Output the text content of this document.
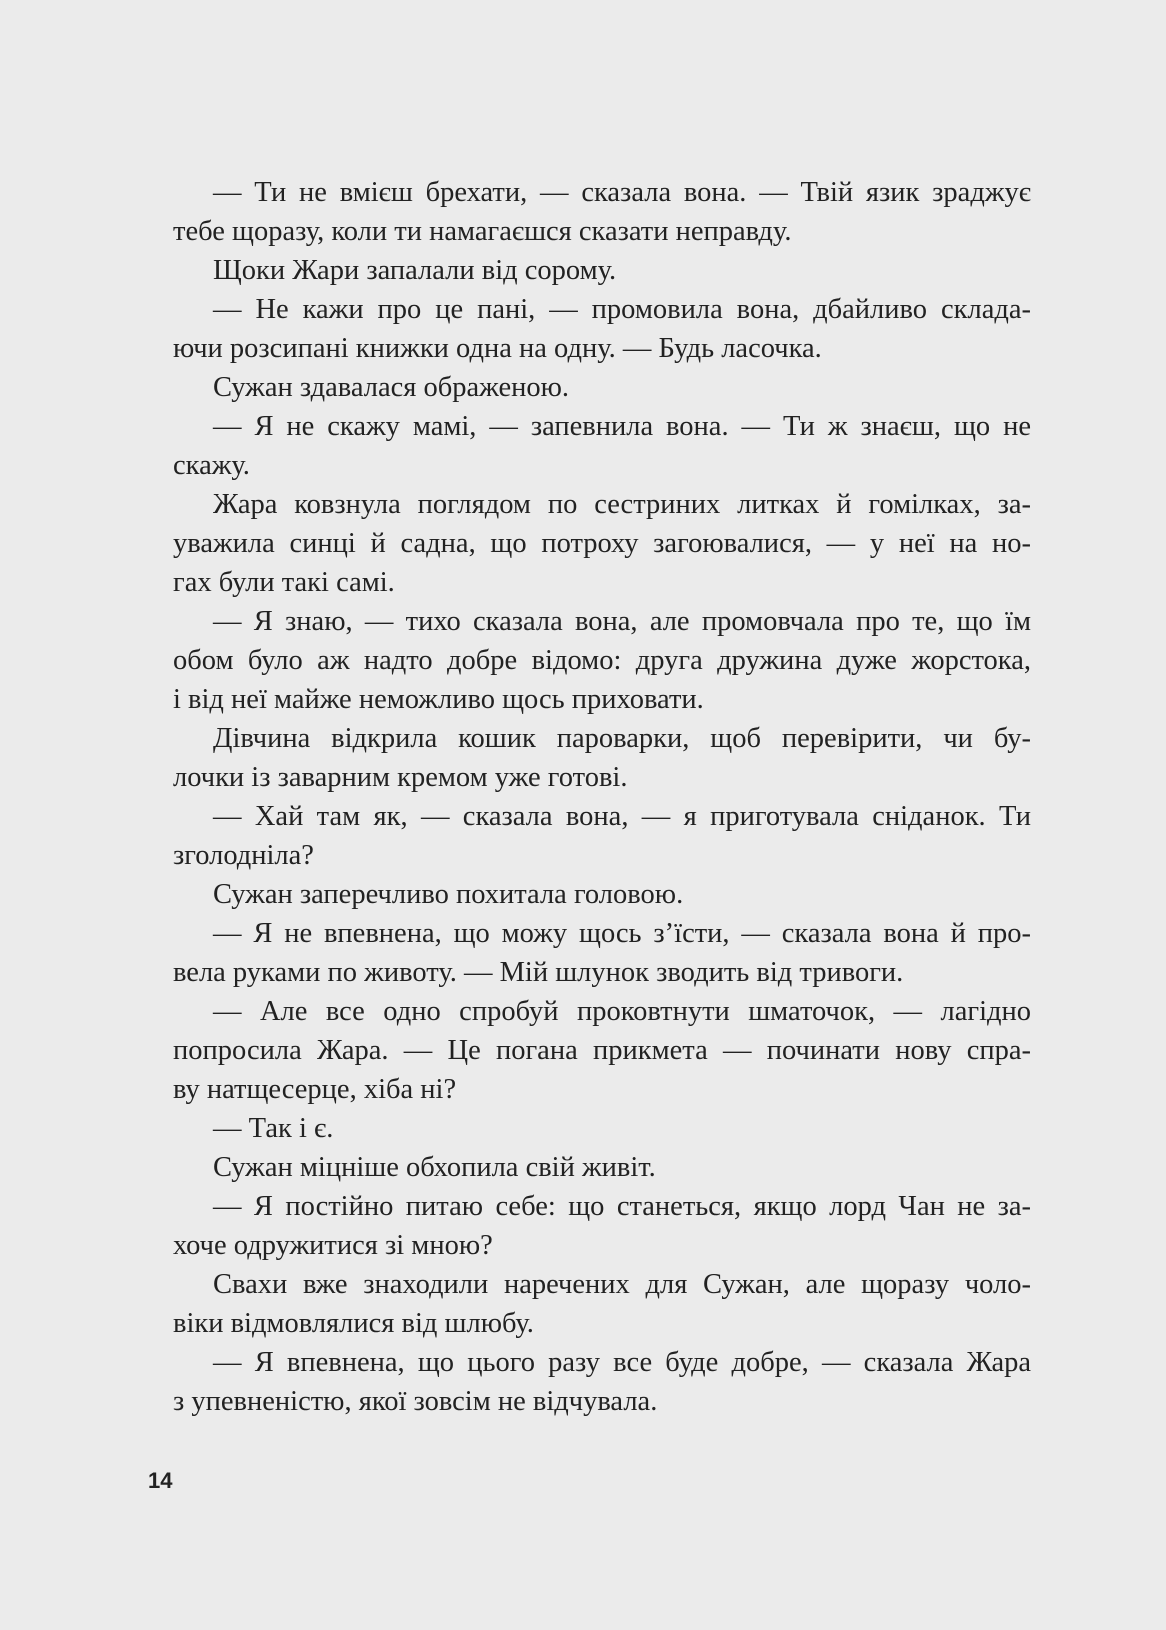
— Ти не вмієш брехати, — сказала вона. — Твій язик зраджує
тебе щоразу, коли ти намагаєшся сказати неправду.
Щоки Жари запалали від сорому.
— Не кажи про це пані, — промовила вона, дбайливо склада-
ючи розсипані книжки одна на одну. — Будь ласочка.
Сужан здавалася ображеною.
— Я не скажу мамі, — запевнила вона. — Ти ж знаєш, що не
скажу.
Жара ковзнула поглядом по сестриних литках й гомілках, за-
уважила синці й садна, що потроху загоювалися, — у неї на но-
гах були такі самі.
— Я знаю, — тихо сказала вона, але промовчала про те, що їм
обом було аж надто добре відомо: друга дружина дуже жорстока,
і від неї майже неможливо щось приховати.
Дівчина відкрила кошик пароварки, щоб перевірити, чи бу-
лочки із заварним кремом уже готові.
— Хай там як, — сказала вона, — я приготувала сніданок. Ти
зголодніла?
Сужан заперечливо похитала головою.
— Я не впевнена, що можу щось з’їсти, — сказала вона й про-
вела руками по животу. — Мій шлунок зводить від тривоги.
— Але все одно спробуй проковтнути шматочок, — лагідно
попросила Жара. — Це погана прикмета — починати нову спра-
ву натщесерце, хіба ні?
— Так і є.
Сужан міцніше обхопила свій живіт.
— Я постійно питаю себе: що станеться, якщо лорд Чан не за-
хоче одружитися зі мною?
Свахи вже знаходили наречених для Сужан, але щоразу чоло-
віки відмовлялися від шлюбу.
— Я впевнена, що цього разу все буде добре, — сказала Жара
з упевненістю, якої зовсім не відчувала.
14
